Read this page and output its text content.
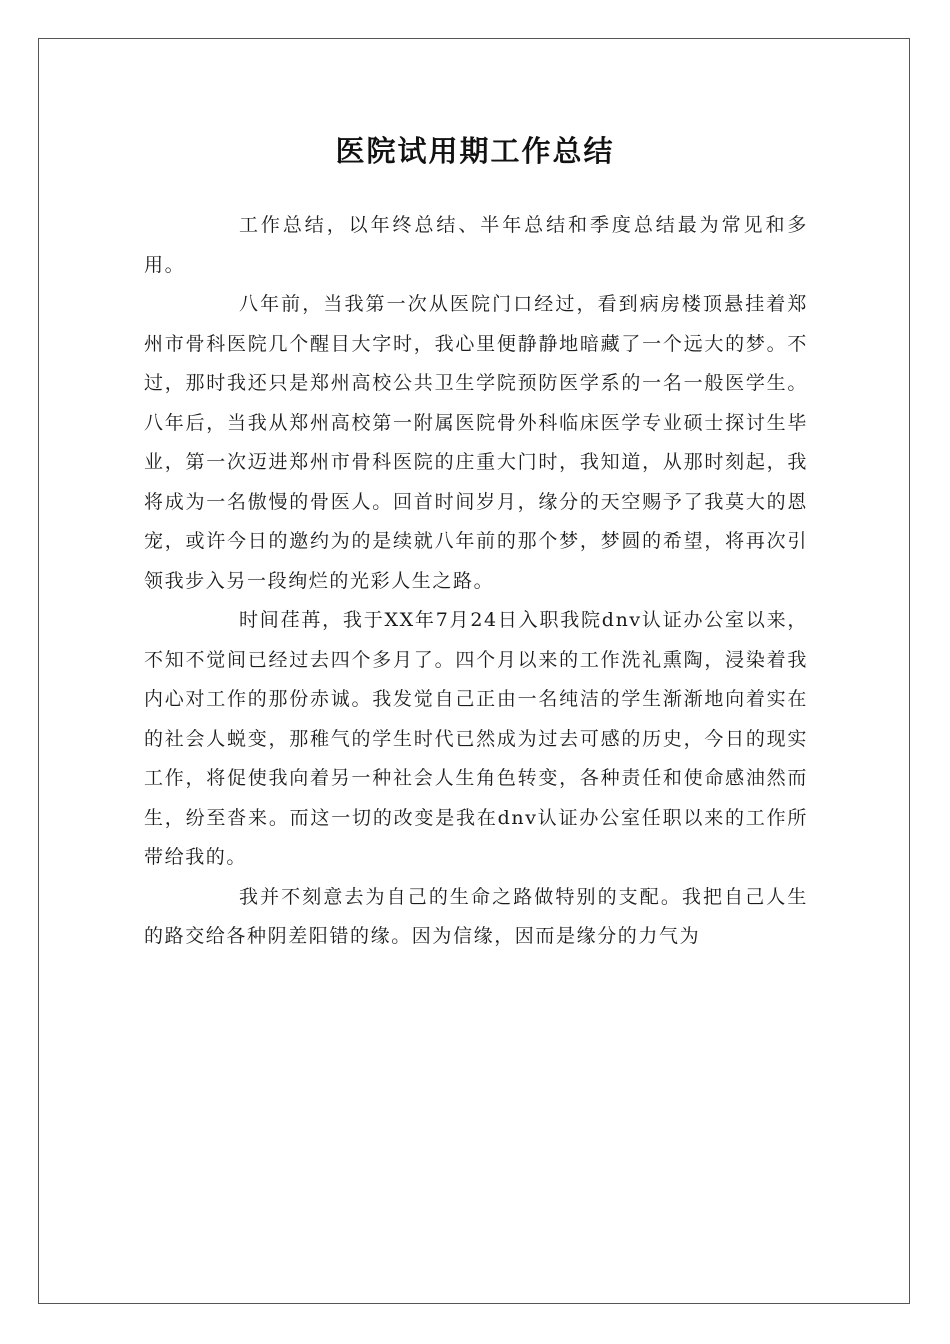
医院试用期工作总结

工作总结，以年终总结、半年总结和季度总结最为常见和多用。

八年前，当我第一次从医院门口经过，看到病房楼顶悬挂着郑州市骨科医院几个醒目大字时，我心里便静静地暗藏了一个远大的梦。不过，那时我还只是郑州高校公共卫生学院预防医学系的一名一般医学生。八年后，当我从郑州高校第一附属医院骨外科临床医学专业硕士探讨生毕业，第一次迈进郑州市骨科医院的庄重大门时，我知道，从那时刻起，我将成为一名傲慢的骨医人。回首时间岁月，缘分的天空赐予了我莫大的恩宠，或许今日的邀约为的是续就八年前的那个梦，梦圆的希望，将再次引领我步入另一段绚烂的光彩人生之路。

时间荏苒，我于XX年7月24日入职我院dnv认证办公室以来，不知不觉间已经过去四个多月了。四个月以来的工作洗礼熏陶，浸染着我内心对工作的那份赤诚。我发觉自己正由一名纯洁的学生渐渐地向着实在的社会人蜕变，那稚气的学生时代已然成为过去可感的历史，今日的现实工作，将促使我向着另一种社会人生角色转变，各种责任和使命感油然而生，纷至沓来。而这一切的改变是我在dnv认证办公室任职以来的工作所带给我的。

我并不刻意去为自己的生命之路做特别的支配。我把自己人生的路交给各种阴差阳错的缘。因为信缘，因而是缘分的力气为
